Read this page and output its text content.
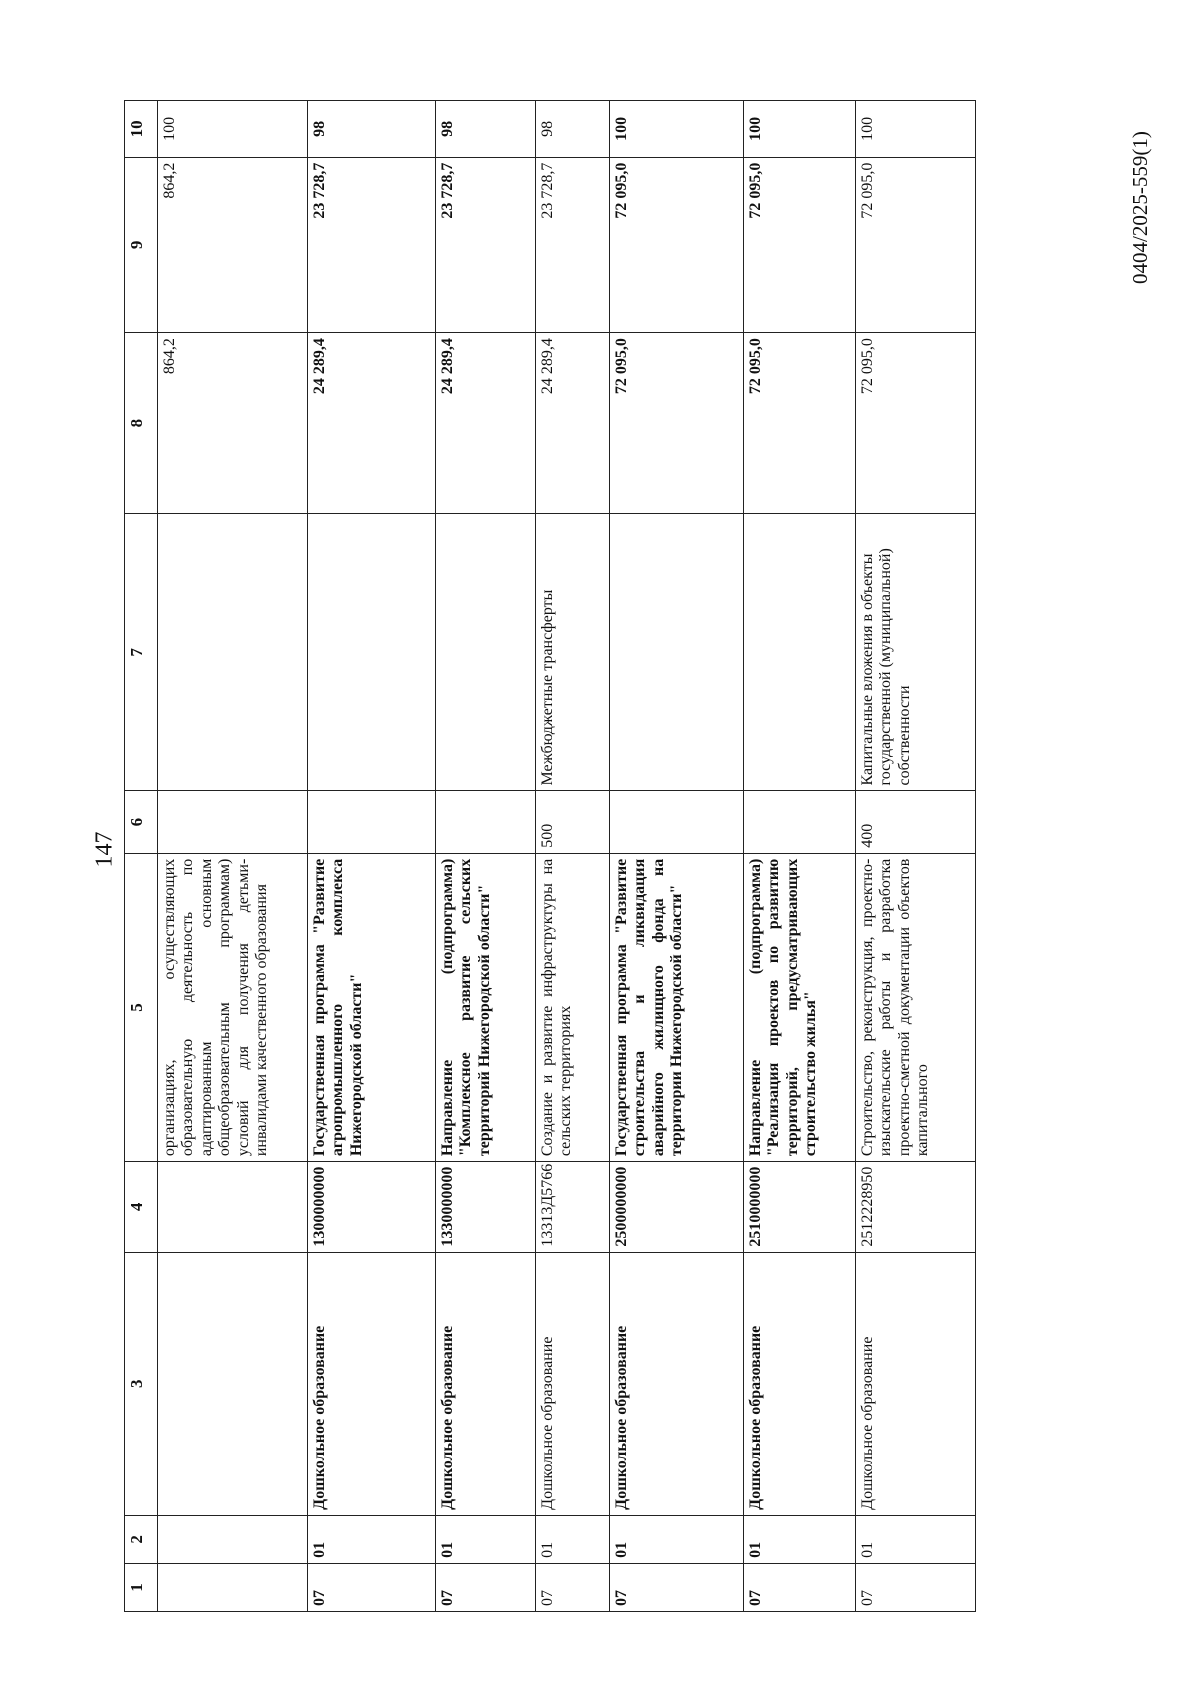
147
0404/2025-559(1)
1	2	3	4	5	6	7	8	9	10
				организациях, осуществляющих образовательную деятельность по адаптированным основным общеобразовательным программам) условий для получения детьми-инвалидами качественного образования			864,2	864,2	100
07	01	Дошкольное образование	1300000000	Государственная программа "Развитие агропромышленного комплекса Нижегородской области"			24 289,4	23 728,7	98
07	01	Дошкольное образование	1330000000	Направление (подпрограмма) "Комплексное развитие сельских территорий Нижегородской области"			24 289,4	23 728,7	98
07	01	Дошкольное образование	13313Д5766	Создание и развитие инфраструктуры на сельских территориях	500	Межбюджетные трансферты	24 289,4	23 728,7	98
07	01	Дошкольное образование	2500000000	Государственная программа "Развитие строительства и ликвидация аварийного жилищного фонда на территории Нижегородской области"			72 095,0	72 095,0	100
07	01	Дошкольное образование	2510000000	Направление (подпрограмма) "Реализация проектов по развитию территорий, предусматривающих строительство жилья"			72 095,0	72 095,0	100
07	01	Дошкольное образование	2512228950	Строительство, реконструкция, проектно-изыскательские работы и разработка проектно-сметной документации объектов капитального	400	Капитальные вложения в объекты государственной (муниципальной) собственности	72 095,0	72 095,0	100
